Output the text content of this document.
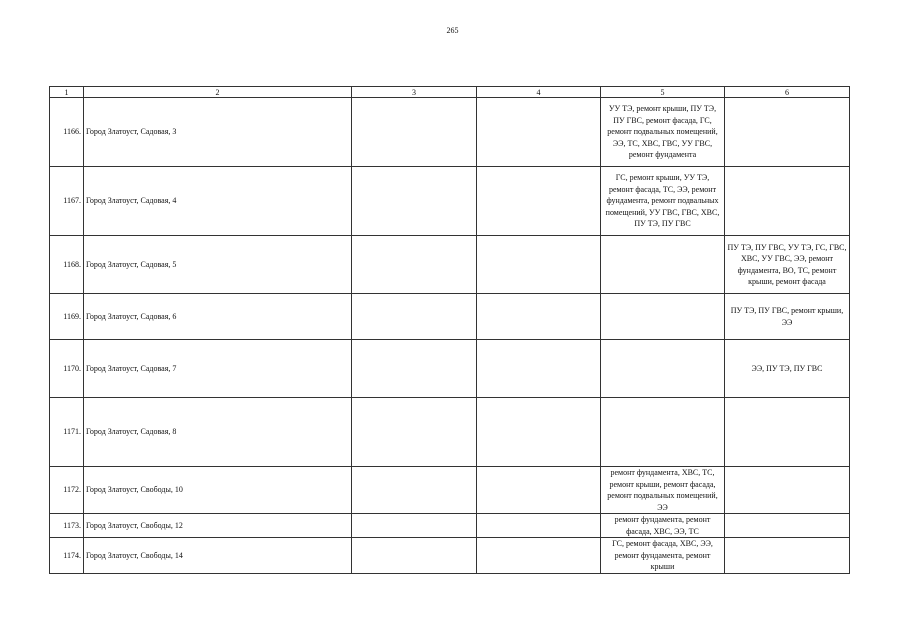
265
1	2	3	4	5	6
1166.	Город Златоуст, Садовая, 3			УУ ТЭ, ремонт крыши, ПУ ТЭ, ПУ ГВС, ремонт фасада, ГС, ремонт подвальных помещений, ЭЭ, ТС, ХВС, ГВС, УУ ГВС, ремонт фундамента	
1167.	Город Златоуст, Садовая, 4			ГС, ремонт крыши, УУ ТЭ, ремонт фасада, ТС, ЭЭ, ремонт фундамента, ремонт подвальных помещений, УУ ГВС, ГВС, ХВС, ПУ ТЭ, ПУ ГВС	
1168.	Город Златоуст, Садовая, 5				ПУ ТЭ, ПУ ГВС, УУ ТЭ, ГС, ГВС, ХВС, УУ ГВС, ЭЭ, ремонт фундамента, ВО, ТС, ремонт крыши, ремонт фасада
1169.	Город Златоуст, Садовая, 6				ПУ ТЭ, ПУ ГВС, ремонт крыши, ЭЭ
1170.	Город Златоуст, Садовая, 7				ЭЭ, ПУ ТЭ, ПУ ГВС
1171.	Город Златоуст, Садовая, 8				
1172.	Город Златоуст, Свободы, 10			ремонт фундамента, ХВС, ТС, ремонт крыши, ремонт фасада, ремонт подвальных помещений, ЭЭ	
1173.	Город Златоуст, Свободы, 12			ремонт фундамента, ремонт фасада, ХВС, ЭЭ, ТС	
1174.	Город Златоуст, Свободы, 14			ГС, ремонт фасада, ХВС, ЭЭ, ремонт фундамента, ремонт крыши	
